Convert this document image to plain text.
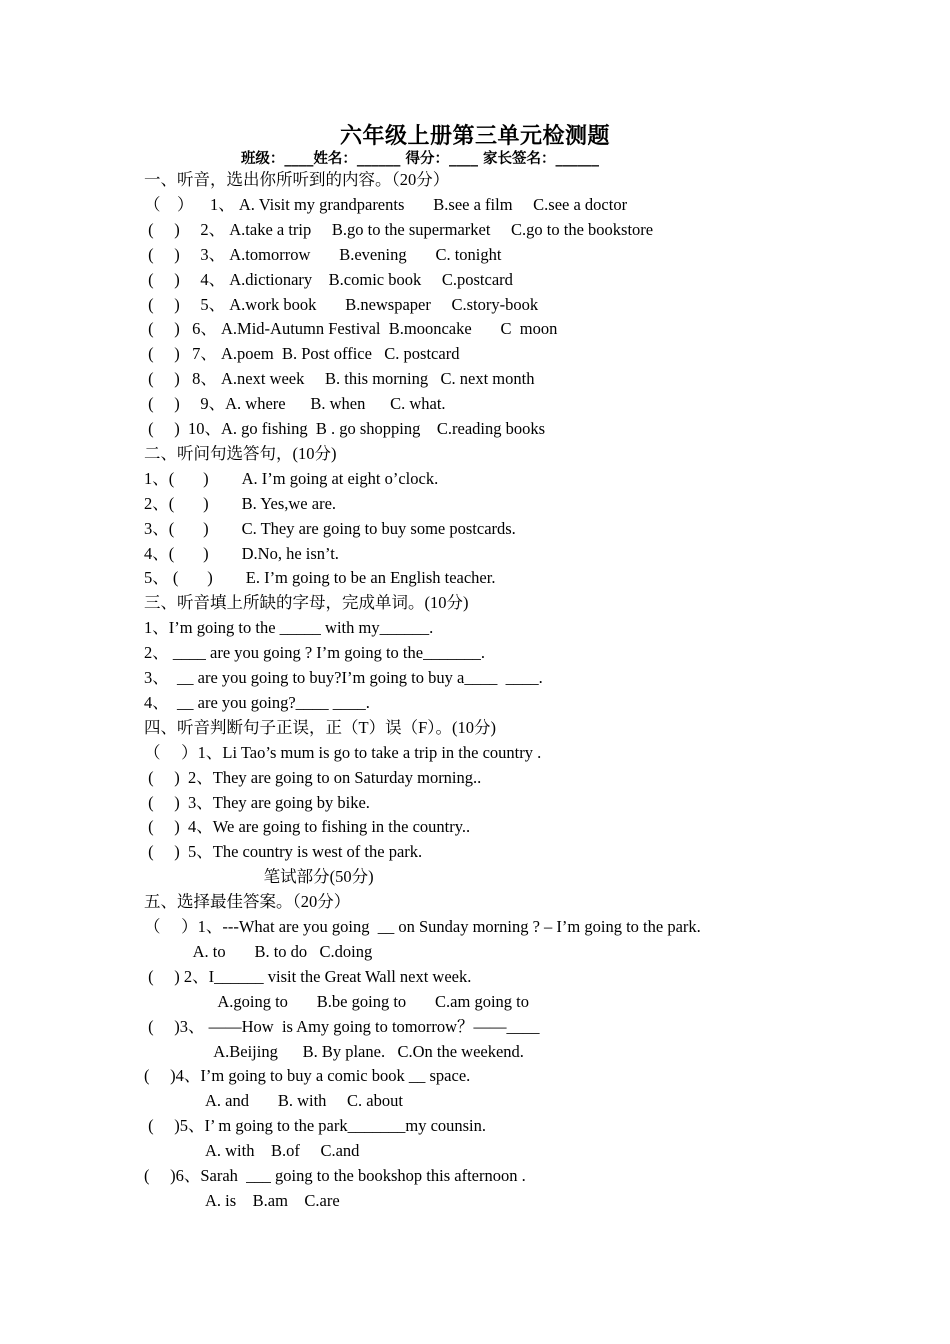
六年级上册第三单元检测题
班级：____姓名：______ 得分：____ 家长签名：______
一、听音，选出你所听到的内容。（20分）
（    ）    1、 A. Visit my grandparents       B.see a film     C.see a doctor
(     )     2、 A.take a trip     B.go to the supermarket     C.go to the bookstore
(     )     3、 A.tomorrow       B.evening       C. tonight
(     )     4、 A.dictionary    B.comic book     C.postcard
(     )     5、 A.work book       B.newspaper     C.story-book
(     )   6、 A.Mid-Autumn Festival  B.mooncake       C  moon
(     )   7、 A.poem  B. Post office   C. postcard
(     )   8、 A.next week     B. this morning   C. next month
(     )     9、A. where      B. when      C. what.
(     )  10、A. go fishing  B . go shopping    C.reading books
二、听问句选答句，(10分)
1、(       )        A. I’m going at eight o’clock.
2、(       )        B. Yes,we are.
3、(       )        C. They are going to buy some postcards.
4、(       )        D.No, he isn’t.
5、 (       )        E. I’m going to be an English teacher.
三、听音填上所缺的字母，完成单词。(10分)
1、I’m going to the _____ with my______.
2、 ____ are you going ? I’m going to the_______.
3、  __ are you going to buy?I’m going to buy a____  ____.
4、  __ are you going?____ ____.
四、听音判断句子正误，正（T）误（F）。(10分)
（     ）1、Li Tao’s mum is go to take a trip in the country .
(     )  2、They are going to on Saturday morning..
(     )  3、They are going by bike.
(     )  4、We are going to fishing in the country..
(     )  5、The country is west of the park.
笔试部分(50分)
五、选择最佳答案。（20分）
（     ）1、---What are you going  __ on Sunday morning ? – I’m going to the park.
A. to       B. to do   C.doing
(     ) 2、I______ visit the Great Wall next week.
A.going to       B.be going to       C.am going to
(     )3、 ——How  is Amy going to tomorrow？——____
A.Beijing      B. By plane.   C.On the weekend.
(     )4、I’m going to buy a comic book __ space.
A. and       B. with     C. about
(     )5、I’ m going to the park_______my counsin.
A. with    B.of     C.and
(     )6、Sarah  ___ going to the bookshop this afternoon .
A. is    B.am    C.are
